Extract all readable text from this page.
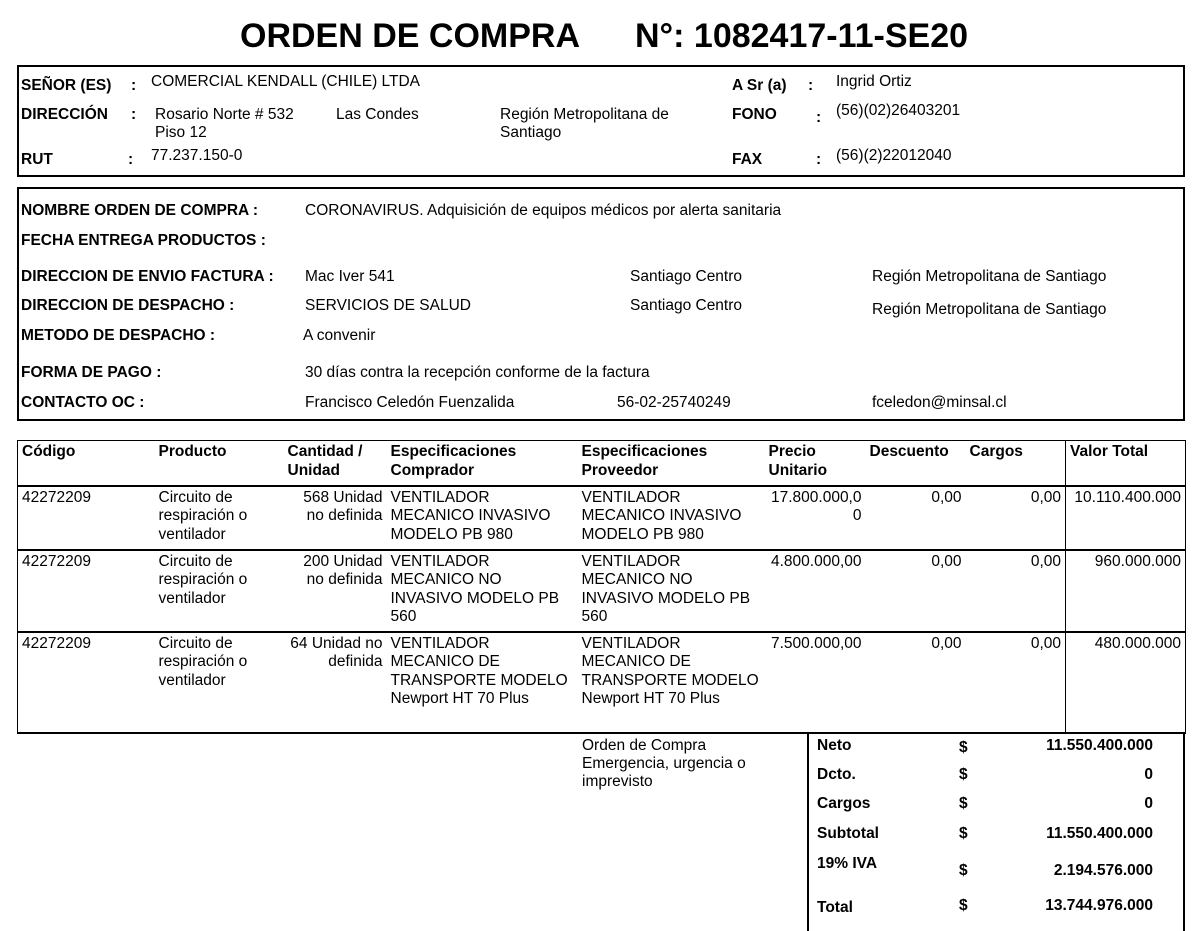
ORDEN DE COMPRA N°: 1082417-11-SE20
SEÑOR (ES) : COMERCIAL KENDALL (CHILE) LTDA
DIRECCIÓN : Rosario Norte # 532 Piso 12
Las Condes	Región Metropolitana de Santiago
RUT	: 77.237.150-0
A Sr (a) : Ingrid Ortiz
FONO	: (56)(02)26403201
FAX	: (56)(2)22012040
NOMBRE ORDEN DE COMPRA :	CORONAVIRUS. Adquisición de equipos médicos por alerta sanitaria
FECHA ENTREGA PRODUCTOS :
DIRECCION DE ENVIO FACTURA : Mac Iver 541	Santiago Centro	Región Metropolitana de Santiago
DIRECCION DE DESPACHO :	SERVICIOS DE SALUD	Santiago Centro	Región Metropolitana de Santiago
METODO DE DESPACHO :	A convenir
FORMA DE PAGO :	30 días contra la recepción conforme de la factura
CONTACTO OC :	Francisco Celedón Fuenzalida	56-02-25740249	fceledon@minsal.cl
Código	Producto	Cantidad / Unidad	Especificaciones Comprador	Especificaciones Proveedor	Precio Unitario	Descuento	Cargos	Valor Total
42272209	Circuito de respiración o ventilador	568 Unidad no definida	VENTILADOR MECANICO INVASIVO MODELO PB 980	VENTILADOR MECANICO INVASIVO MODELO PB 980	17.800.000,00	0,00	0,00	10.110.400.000
42272209	Circuito de respiración o ventilador	200 Unidad no definida	VENTILADOR MECANICO NO INVASIVO MODELO PB 560	VENTILADOR MECANICO NO INVASIVO MODELO PB 560	4.800.000,00	0,00	0,00	960.000.000
42272209	Circuito de respiración o ventilador	64 Unidad no definida	VENTILADOR MECANICO DE TRANSPORTE MODELO Newport HT 70 Plus	VENTILADOR MECANICO DE TRANSPORTE MODELO Newport HT 70 Plus	7.500.000,00	0,00	0,00	480.000.000
Orden de Compra Emergencia, urgencia o imprevisto
Neto	$	11.550.400.000
Dcto.	$	0
Cargos	$	0
Subtotal	$	11.550.400.000
19% IVA	$	2.194.576.000
Total	$	13.744.976.000
